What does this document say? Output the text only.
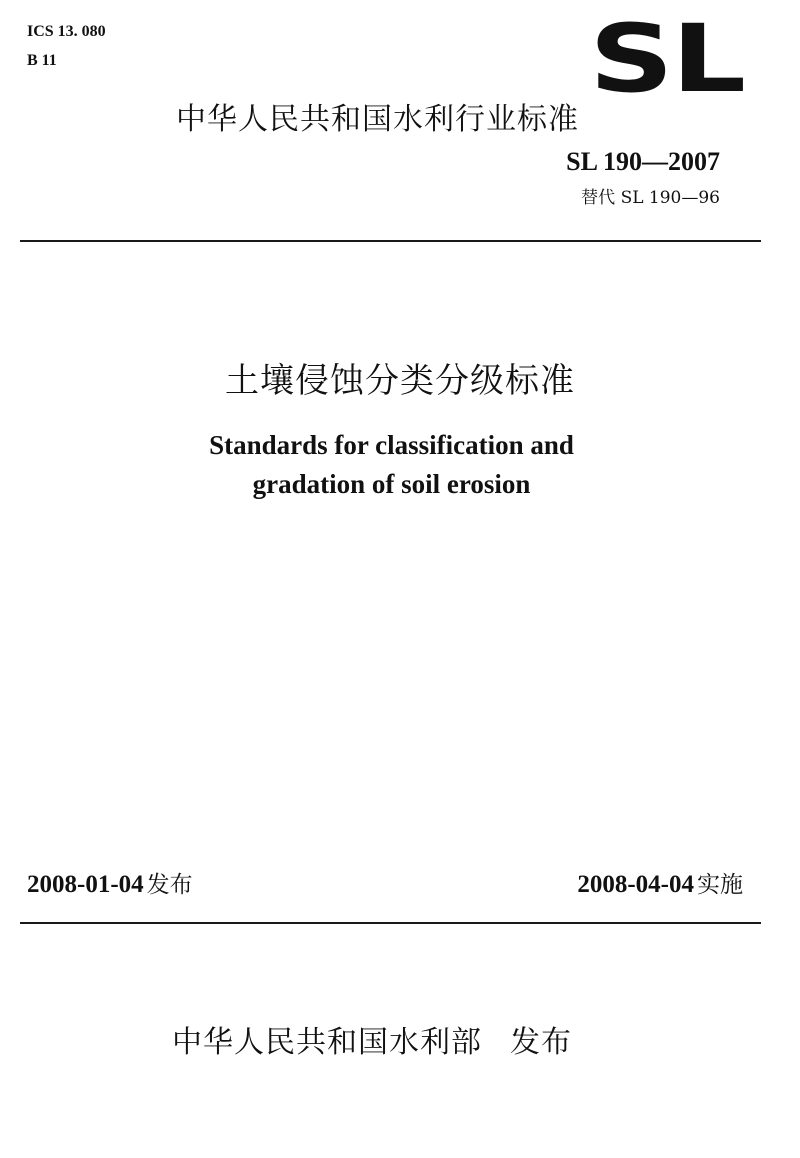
ICS 13. 080
B 11	SL
中华人民共和国水利行业标准
SL 190—2007
替代 SL 190—96
土壤侵蚀分类分级标准
Standards for classification and
gradation of soil erosion
2008-01-04 发布	2008-04-04 实施
中华人民共和国水利部 发布
